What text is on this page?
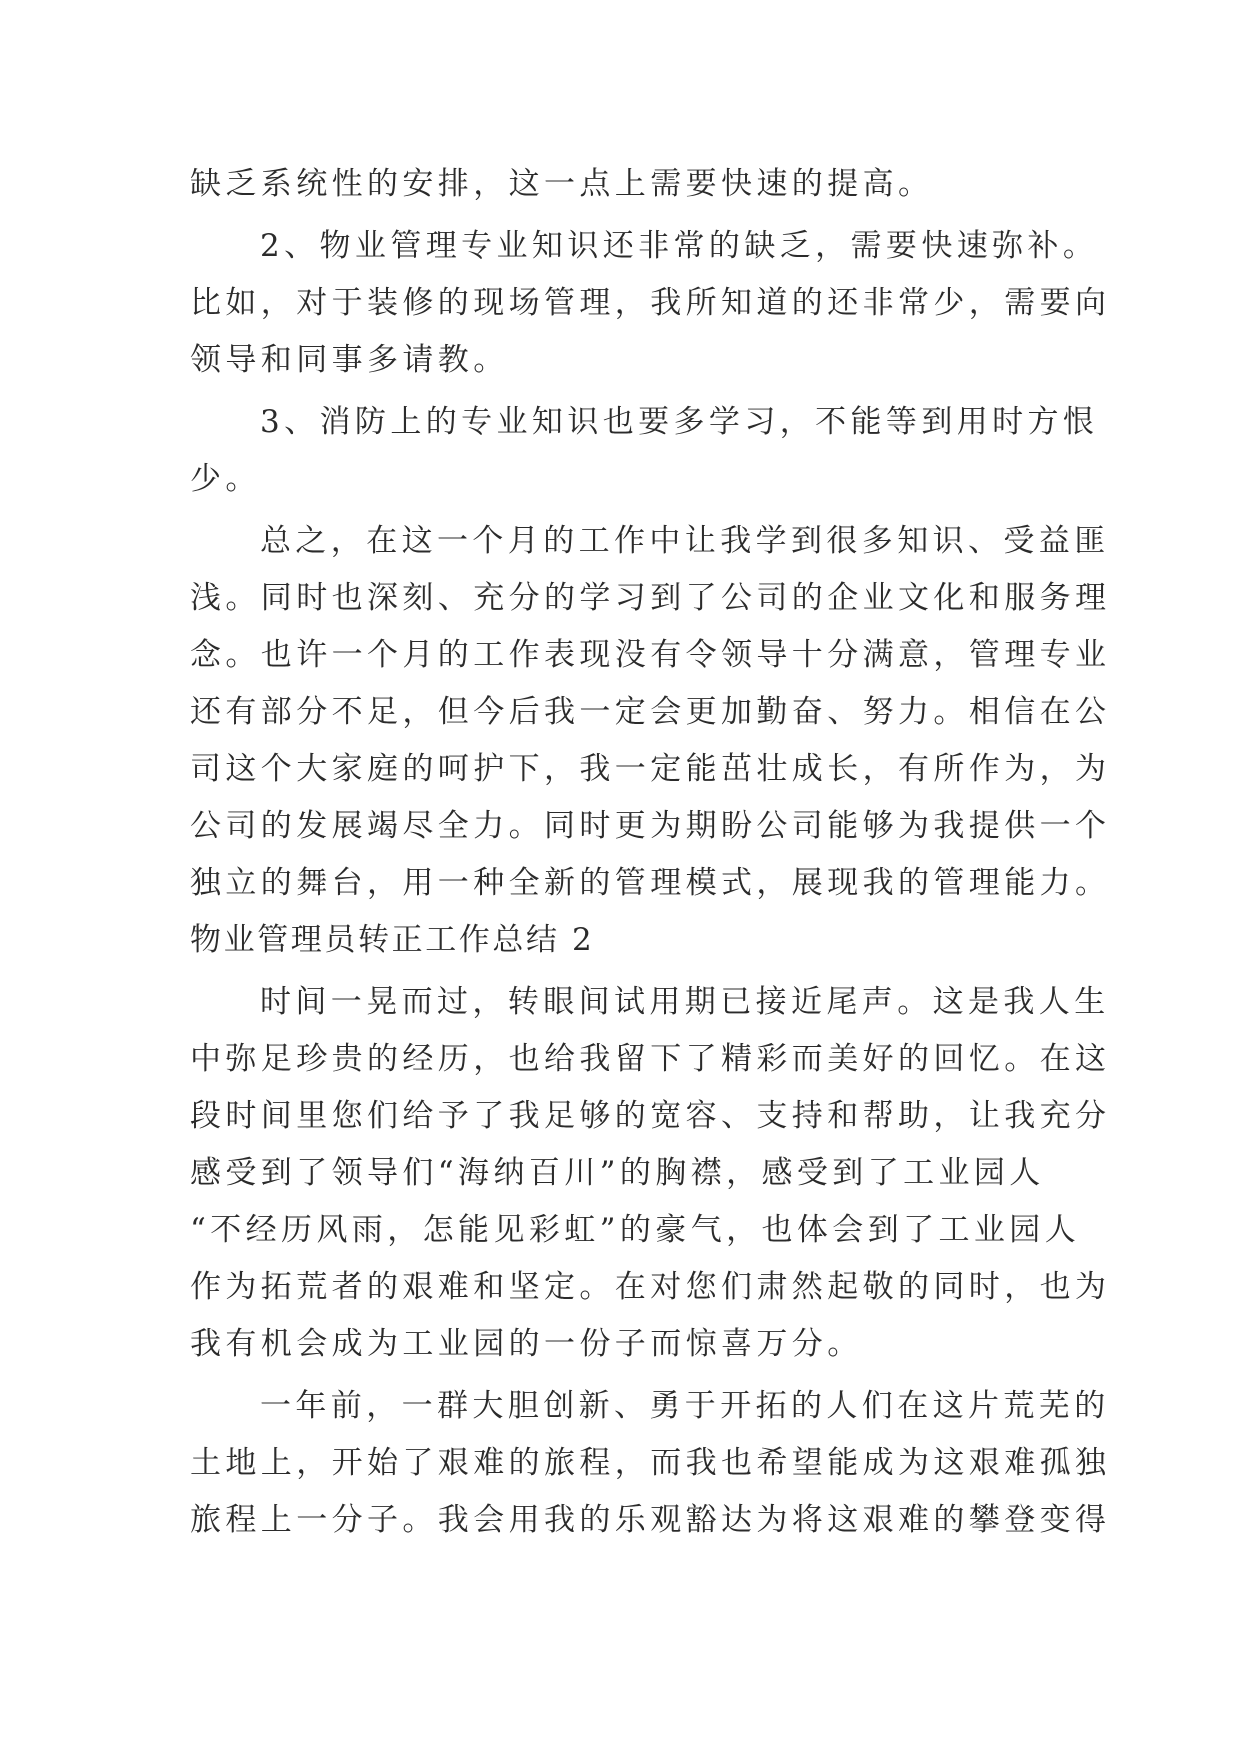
缺乏系统性的安排，这一点上需要快速的提高。
2、物业管理专业知识还非常的缺乏，需要快速弥补。
比如，对于装修的现场管理，我所知道的还非常少，需要向
领导和同事多请教。
3、消防上的专业知识也要多学习，不能等到用时方恨
少。
总之，在这一个月的工作中让我学到很多知识、受益匪
浅。同时也深刻、充分的学习到了公司的企业文化和服务理
念。也许一个月的工作表现没有令领导十分满意，管理专业
还有部分不足，但今后我一定会更加勤奋、努力。相信在公
司这个大家庭的呵护下，我一定能茁壮成长，有所作为，为
公司的发展竭尽全力。同时更为期盼公司能够为我提供一个
独立的舞台，用一种全新的管理模式，展现我的管理能力。
物业管理员转正工作总结 2
时间一晃而过，转眼间试用期已接近尾声。这是我人生
中弥足珍贵的经历，也给我留下了精彩而美好的回忆。在这
段时间里您们给予了我足够的宽容、支持和帮助，让我充分
感受到了领导们“海纳百川”的胸襟，感受到了工业园人
“不经历风雨，怎能见彩虹”的豪气，也体会到了工业园人
作为拓荒者的艰难和坚定。在对您们肃然起敬的同时，也为
我有机会成为工业园的一份子而惊喜万分。
一年前，一群大胆创新、勇于开拓的人们在这片荒芜的
土地上，开始了艰难的旅程，而我也希望能成为这艰难孤独
旅程上一分子。我会用我的乐观豁达为将这艰难的攀登变得
